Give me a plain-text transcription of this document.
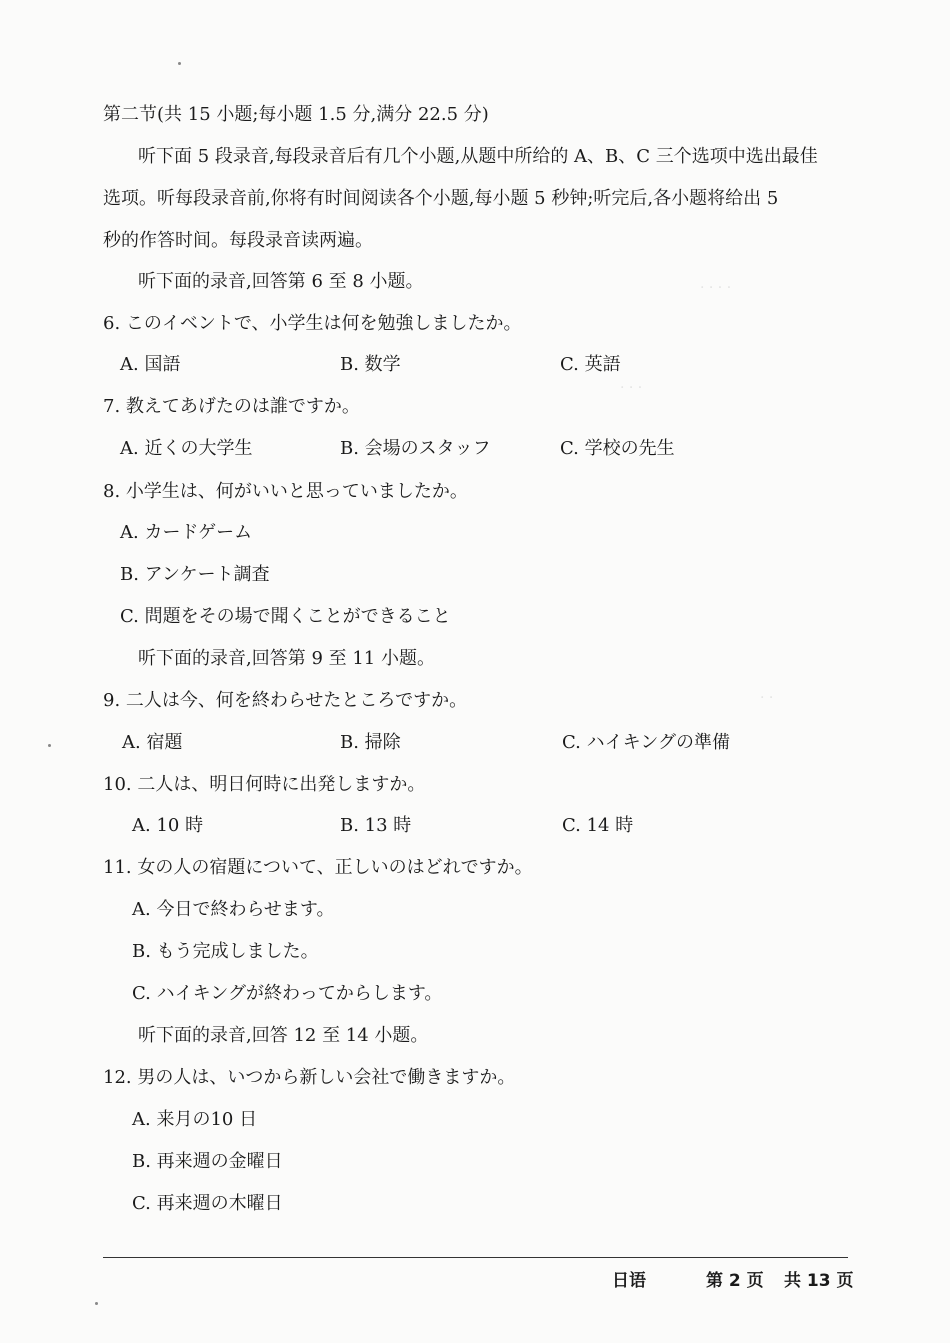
· · · ·
· · ·
· ·
第二节(共 15 小题;每小题 1.5 分,满分 22.5 分)
听下面 5 段录音,每段录音后有几个小题,从题中所给的 A、B、C 三个选项中选出最佳
选项。听每段录音前,你将有时间阅读各个小题,每小题 5 秒钟;听完后,各小题将给出 5
秒的作答时间。每段录音读两遍。
听下面的录音,回答第 6 至 8 小题。
6. このイベントで、小学生は何を勉強しましたか。
A. 国語	B. 数学	C. 英語
7. 教えてあげたのは誰ですか。
A. 近くの大学生	B. 会場のスタッフ	C. 学校の先生
8. 小学生は、何がいいと思っていましたか。
A. カードゲーム
B. アンケート調査
C. 問題をその場で聞くことができること
听下面的录音,回答第 9 至 11 小题。
9. 二人は今、何を終わらせたところですか。
A. 宿題	B. 掃除	C. ハイキングの準備
10. 二人は、明日何時に出発しますか。
A. 10 時	B. 13 時	C. 14 時
11. 女の人の宿題について、正しいのはどれですか。
A. 今日で終わらせます。
B. もう完成しました。
C. ハイキングが終わってからします。
听下面的录音,回答 12 至 14 小题。
12. 男の人は、いつから新しい会社で働きますか。
A. 来月の10 日
B. 再来週の金曜日
C. 再来週の木曜日
日语	第 2 页 共 13 页
